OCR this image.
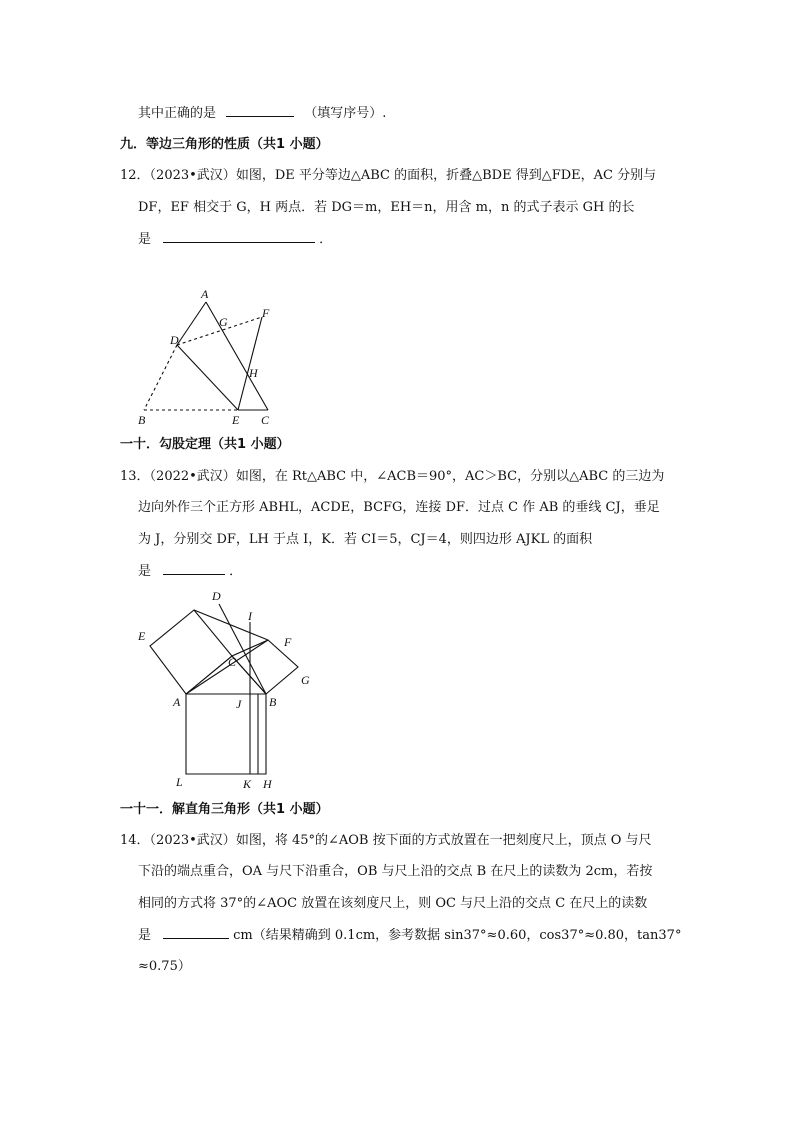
其中正确的是	（填写序号）.
九．等边三角形的性质（共1 小题）
12．（2023•武汉）如图，DE 平分等边△ABC 的面积，折叠△BDE 得到△FDE，AC 分别与
DF，EF 相交于 G，H 两点．若 DG＝m，EH＝n，用含 m，n 的式子表示 GH 的长
是	．
A
G
F
D
H
B	E C
一十．勾股定理（共1 小题）
13．（2022•武汉）如图，在 Rt△ABC 中，∠ACB＝90°，AC＞BC，分别以△ABC 的三边为
边向外作三个正方形 ABHL，ACDE，BCFG，连接 DF．过点 C 作 AB 的垂线 CJ，垂足
为 J，分别交 DF，LH 于点 I，K．若 CI＝5，CJ＝4，则四边形 AJKL 的面积
是	．
D
I
E	F
C
G
A	J B
L	K H
一十一．解直角三角形（共1 小题）
14．（2023•武汉）如图，将 45°的∠AOB 按下面的方式放置在一把刻度尺上，顶点 O 与尺
下沿的端点重合，OA 与尺下沿重合，OB 与尺上沿的交点 B 在尺上的读数为 2cm，若按
相同的方式将 37°的∠AOC 放置在该刻度尺上，则 OC 与尺上沿的交点 C 在尺上的读数
是	cm（结果精确到 0.1cm，参考数据 sin37°≈0.60，cos37°≈0.80，tan37°
≈0.75）
